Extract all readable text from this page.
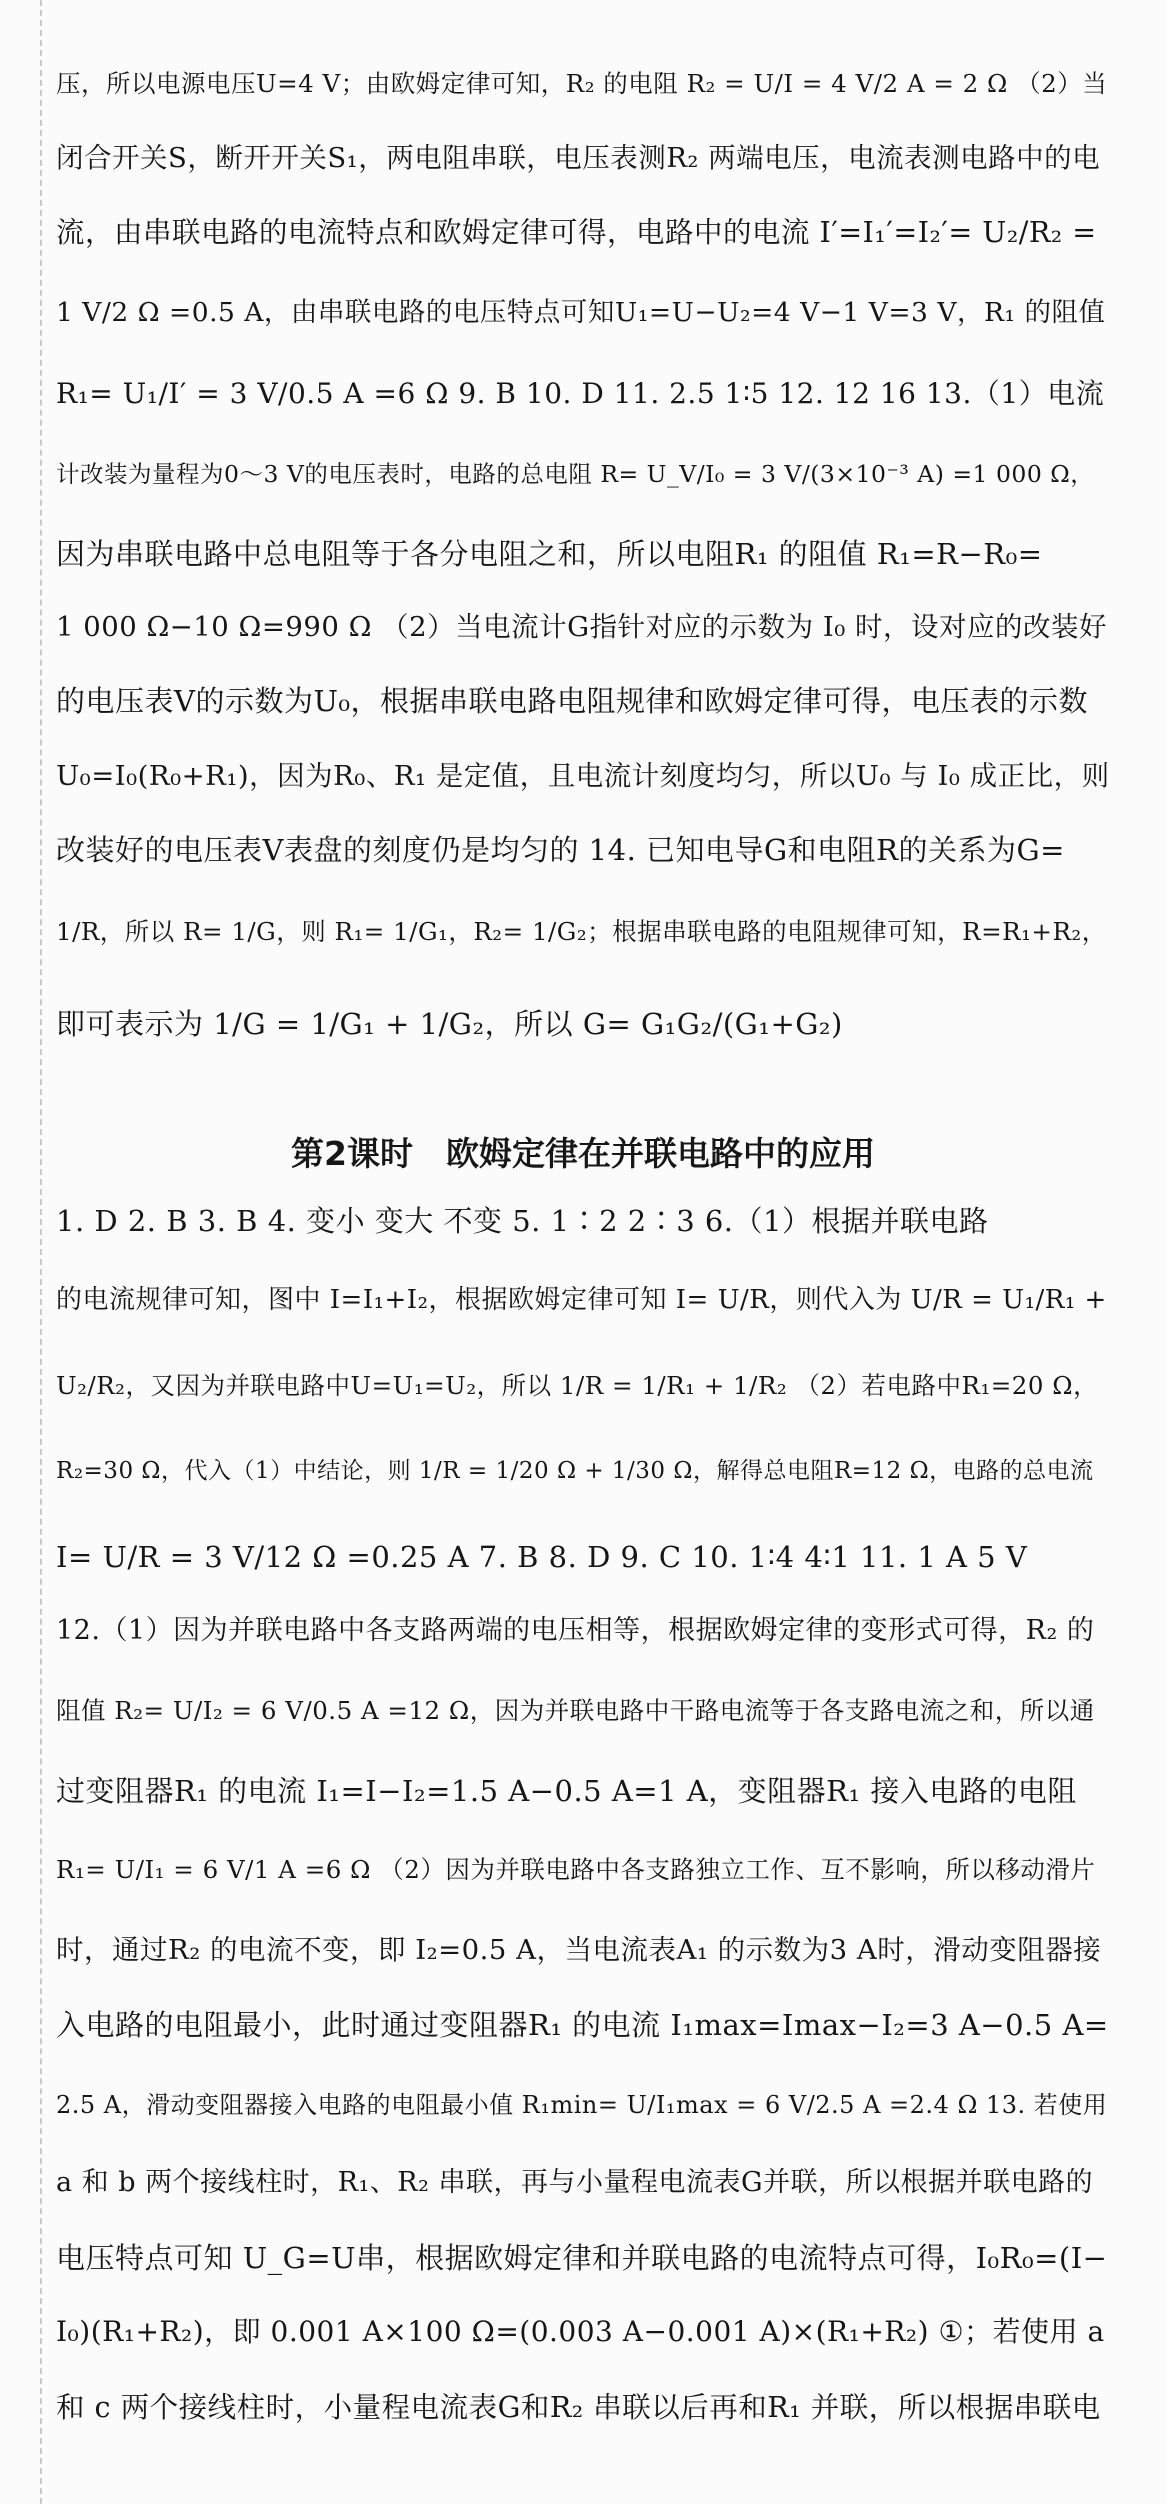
压，所以电源电压U=4 V；由欧姆定律可知，R₂ 的电阻 R₂ = U/I = 4 V/2 A = 2 Ω （2）当
闭合开关S，断开开关S₁，两电阻串联，电压表测R₂ 两端电压，电流表测电路中的电
流，由串联电路的电流特点和欧姆定律可得，电路中的电流 I′=I₁′=I₂′= U₂/R₂ =
1 V/2 Ω =0.5 A，由串联电路的电压特点可知U₁=U−U₂=4 V−1 V=3 V，R₁ 的阻值
R₁= U₁/I′ = 3 V/0.5 A =6 Ω 9. B 10. D 11. 2.5 1∶5 12. 12 16 13.（1）电流
计改装为量程为0～3 V的电压表时，电路的总电阻 R= U_V/I₀ = 3 V/(3×10⁻³ A) =1 000 Ω，
因为串联电路中总电阻等于各分电阻之和，所以电阻R₁ 的阻值 R₁=R−R₀=
1 000 Ω−10 Ω=990 Ω （2）当电流计G指针对应的示数为 I₀ 时，设对应的改装好
的电压表V的示数为U₀，根据串联电路电阻规律和欧姆定律可得，电压表的示数
U₀=I₀(R₀+R₁)，因为R₀、R₁ 是定值，且电流计刻度均匀，所以U₀ 与 I₀ 成正比，则
改装好的电压表V表盘的刻度仍是均匀的 14. 已知电导G和电阻R的关系为G=
1/R，所以 R= 1/G，则 R₁= 1/G₁，R₂= 1/G₂；根据串联电路的电阻规律可知，R=R₁+R₂，
即可表示为 1/G = 1/G₁ + 1/G₂，所以 G= G₁G₂/(G₁+G₂)
第2课时　欧姆定律在并联电路中的应用
1. D 2. B 3. B 4. 变小 变大 不变 5. 1∶2 2∶3 6.（1）根据并联电路
的电流规律可知，图中 I=I₁+I₂，根据欧姆定律可知 I= U/R，则代入为 U/R = U₁/R₁ +
U₂/R₂，又因为并联电路中U=U₁=U₂，所以 1/R = 1/R₁ + 1/R₂ （2）若电路中R₁=20 Ω，
R₂=30 Ω，代入（1）中结论，则 1/R = 1/20 Ω + 1/30 Ω，解得总电阻R=12 Ω，电路的总电流
I= U/R = 3 V/12 Ω =0.25 A 7. B 8. D 9. C 10. 1∶4 4∶1 11. 1 A 5 V
12.（1）因为并联电路中各支路两端的电压相等，根据欧姆定律的变形式可得，R₂ 的
阻值 R₂= U/I₂ = 6 V/0.5 A =12 Ω，因为并联电路中干路电流等于各支路电流之和，所以通
过变阻器R₁ 的电流 I₁=I−I₂=1.5 A−0.5 A=1 A，变阻器R₁ 接入电路的电阻
R₁= U/I₁ = 6 V/1 A =6 Ω （2）因为并联电路中各支路独立工作、互不影响，所以移动滑片
时，通过R₂ 的电流不变，即 I₂=0.5 A，当电流表A₁ 的示数为3 A时，滑动变阻器接
入电路的电阻最小，此时通过变阻器R₁ 的电流 I₁max=Imax−I₂=3 A−0.5 A=
2.5 A，滑动变阻器接入电路的电阻最小值 R₁min= U/I₁max = 6 V/2.5 A =2.4 Ω 13. 若使用
a 和 b 两个接线柱时，R₁、R₂ 串联，再与小量程电流表G并联，所以根据并联电路的
电压特点可知 U_G=U串，根据欧姆定律和并联电路的电流特点可得，I₀R₀=(I−
I₀)(R₁+R₂)，即 0.001 A×100 Ω=(0.003 A−0.001 A)×(R₁+R₂) ①；若使用 a
和 c 两个接线柱时，小量程电流表G和R₂ 串联以后再和R₁ 并联，所以根据串联电
